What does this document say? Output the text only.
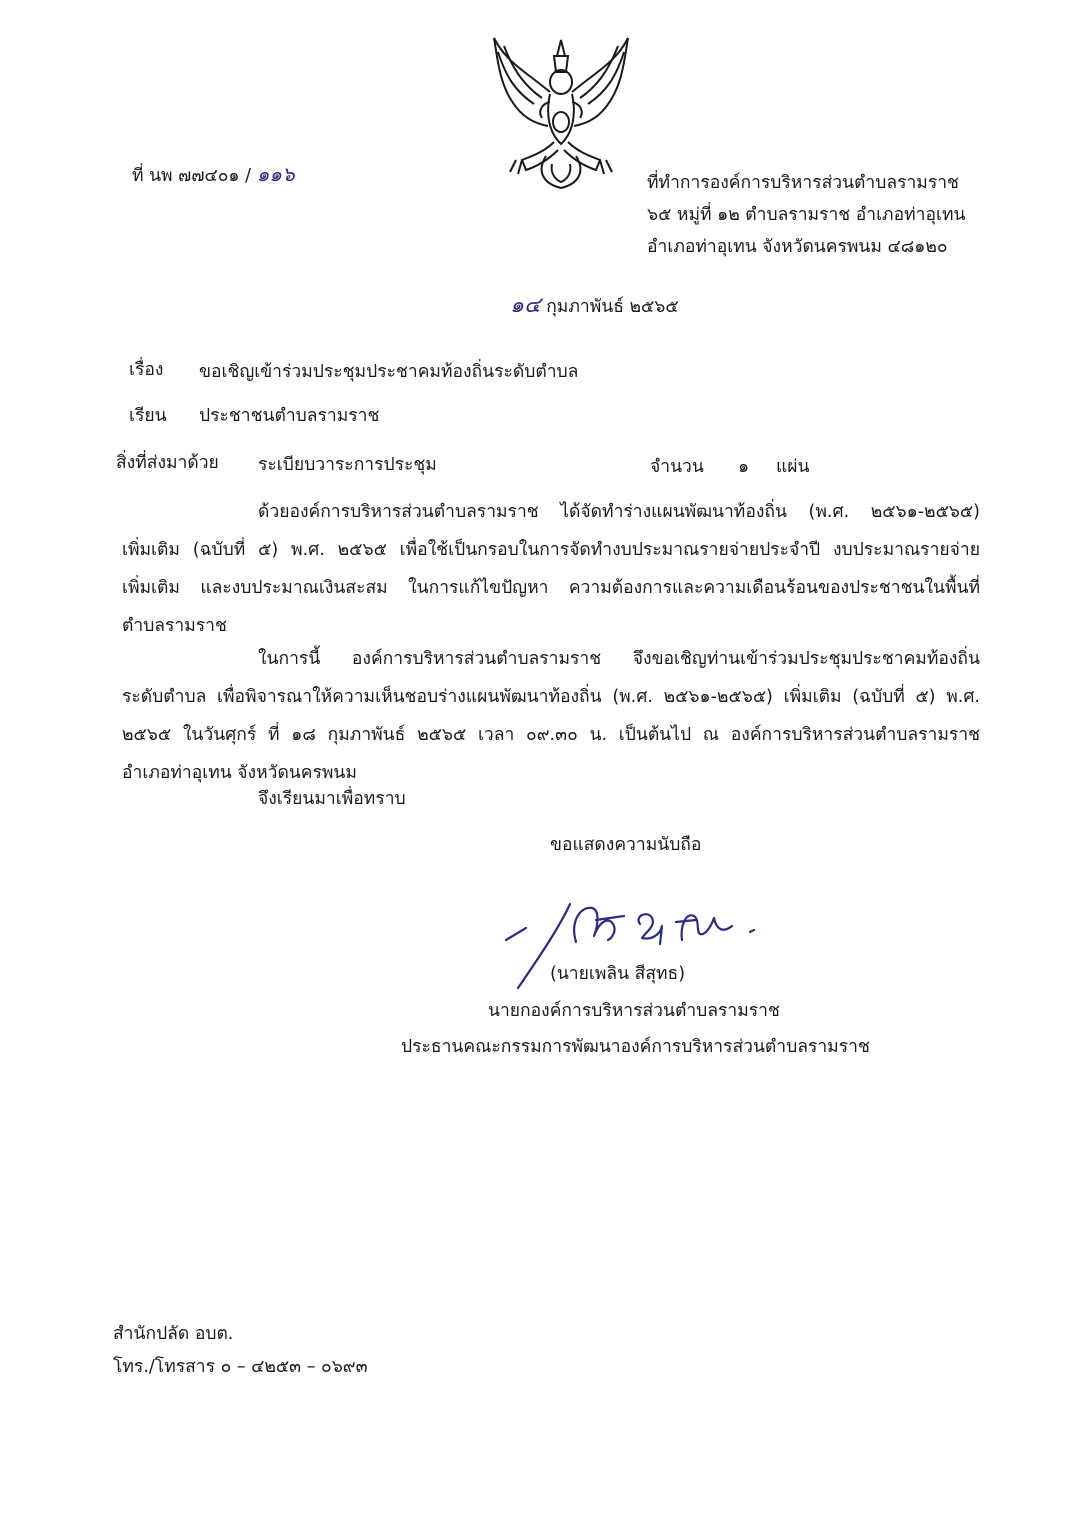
ที่ นพ ๗๗๔๐๑ / ๑๑๖	ที่ทำการองค์การบริหารส่วนตำบลรามราช
๖๕ หมู่ที่ ๑๒ ตำบลรามราช อำเภอท่าอุเทน
อำเภอท่าอุเทน จังหวัดนครพนม ๔๘๑๒๐
๑๔ กุมภาพันธ์ ๒๕๖๕
เรื่อง ขอเชิญเข้าร่วมประชุมประชาคมท้องถิ่นระดับตำบล
เรียน ประชาชนตำบลรามราช
สิ่งที่ส่งมาด้วย ระเบียบวาระการประชุม	จำนวน ๑ แผ่น
ด้วยองค์การบริหารส่วนตำบลรามราช ได้จัดทำร่างแผนพัฒนาท้องถิ่น (พ.ศ. ๒๕๖๑-๒๕๖๕)
เพิ่มเติม (ฉบับที่ ๕) พ.ศ. ๒๕๖๕ เพื่อใช้เป็นกรอบในการจัดทำงบประมาณรายจ่ายประจำปี งบประมาณรายจ่าย
เพิ่มเติม และงบประมาณเงินสะสม ในการแก้ไขปัญหา ความต้องการและความเดือนร้อนของประชาชนในพื้นที่
ตำบลรามราช
ในการนี้ องค์การบริหารส่วนตำบลรามราช จึงขอเชิญท่านเข้าร่วมประชุมประชาคมท้องถิ่น
ระดับตำบล เพื่อพิจารณาให้ความเห็นชอบร่างแผนพัฒนาท้องถิ่น (พ.ศ. ๒๕๖๑-๒๕๖๕) เพิ่มเติม (ฉบับที่ ๕) พ.ศ.
๒๕๖๕ ในวันศุกร์ ที่ ๑๘ กุมภาพันธ์ ๒๕๖๕ เวลา ๐๙.๓๐ น. เป็นต้นไป ณ องค์การบริหารส่วนตำบลรามราช
อำเภอท่าอุเทน จังหวัดนครพนม
จึงเรียนมาเพื่อทราบ
ขอแสดงความนับถือ
(นายเพลิน สีสุทธ)
นายกองค์การบริหารส่วนตำบลรามราช
ประธานคณะกรรมการพัฒนาองค์การบริหารส่วนตำบลรามราช
สำนักปลัด อบต.
โทร./โทรสาร ๐ – ๔๒๕๓ – ๐๖๙๓
